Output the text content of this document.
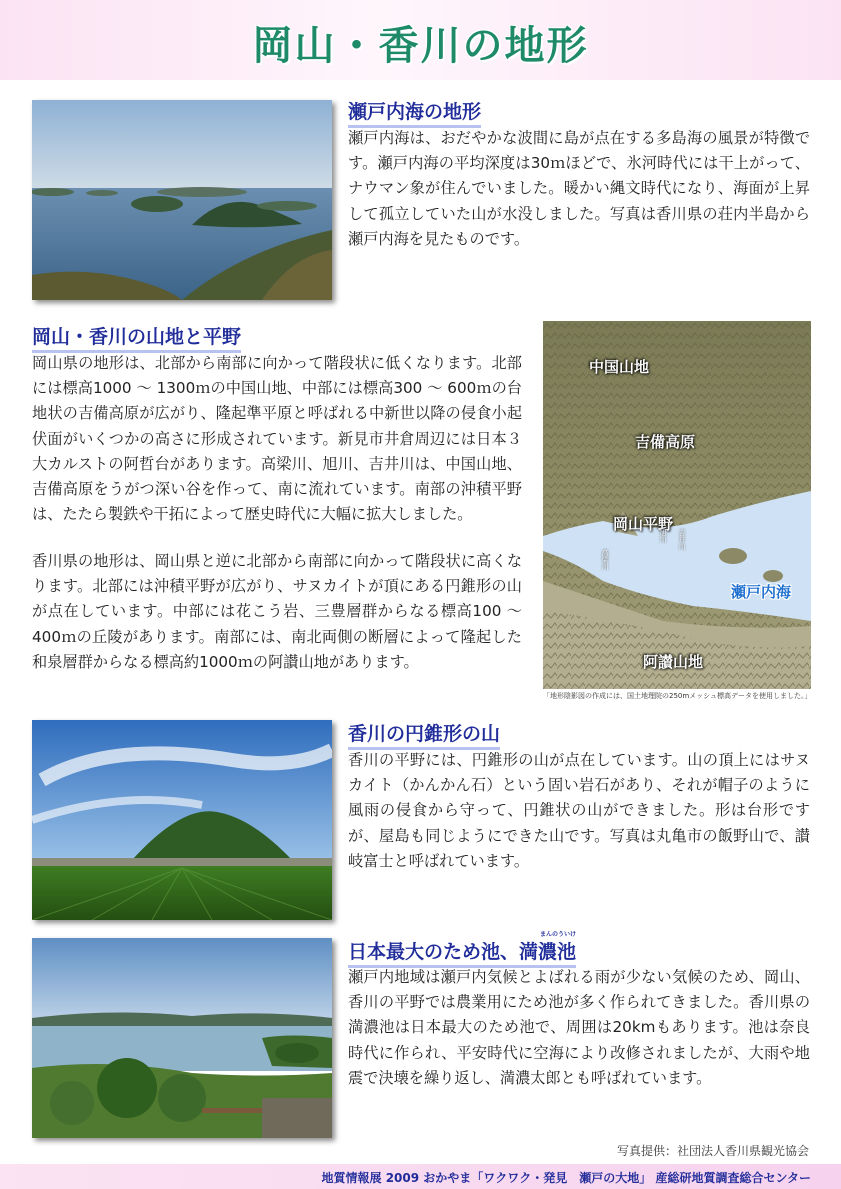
岡山・香川の地形
瀬戸内海の地形

瀬戸内海は、おだやかな波間に島が点在する多島海の風景が特徴です。瀬戸内海の平均深度は30ｍほどで、氷河時代には干上がって、ナウマン象が住んでいました。暖かい縄文時代になり、海面が上昇して孤立していた山が水没しました。写真は香川県の荘内半島から瀬戸内海を見たものです。

岡山・香川の山地と平野

岡山県の地形は、北部から南部に向かって階段状に低くなります。北部には標高1000 ～ 1300ｍの中国山地、中部には標高300 ～ 600ｍの台地状の吉備高原が広がり、隆起準平原と呼ばれる中新世以降の侵食小起伏面がいくつかの高さに形成されています。新見市井倉周辺には日本３大カルストの阿哲台があります。高梁川、旭川、吉井川は、中国山地、吉備高原をうがつ深い谷を作って、南に流れています。南部の沖積平野は、たたら製鉄や干拓によって歴史時代に大幅に拡大しました。

香川県の地形は、岡山県と逆に北部から南部に向かって階段状に高くなります。北部には沖積平野が広がり、サヌカイトが頂にある円錐形の山が点在しています。中部には花こう岩、三豊層群からなる標高100 ～ 400ｍの丘陵があります。南部には、南北両側の断層によって隆起した和泉層群からなる標高約1000ｍの阿讃山地があります。

中国山地
吉備高原
岡山平野
瀬戸内海
阿讃山地
高梁川
旭川 吉井川
「地形陰影図の作成には、国土地理院の250mメッシュ標高データを使用しました。」
香川の円錐形の山

香川の平野には、円錐形の山が点在しています。山の頂上にはサヌカイト（かんかん石）という固い岩石があり、それが帽子のように風雨の侵食から守って、円錐状の山ができました。形は台形ですが、屋島も同じようにできた山です。写真は丸亀市の飯野山で、讃岐富士と呼ばれています。

まんのういけ
日本最大のため池、満濃池

瀬戸内地域は瀬戸内気候とよばれる雨が少ない気候のため、岡山、香川の平野では農業用にため池が多く作られてきました。香川県の満濃池は日本最大のため池で、周囲は20kmもあります。池は奈良時代に作られ、平安時代に空海により改修されましたが、大雨や地震で決壊を繰り返し、満濃太郎とも呼ばれています。

写真提供：社団法人香川県観光協会
地質情報展 2009 おかやま「ワクワク・発見　瀬戸の大地」 産総研地質調査総合センター
